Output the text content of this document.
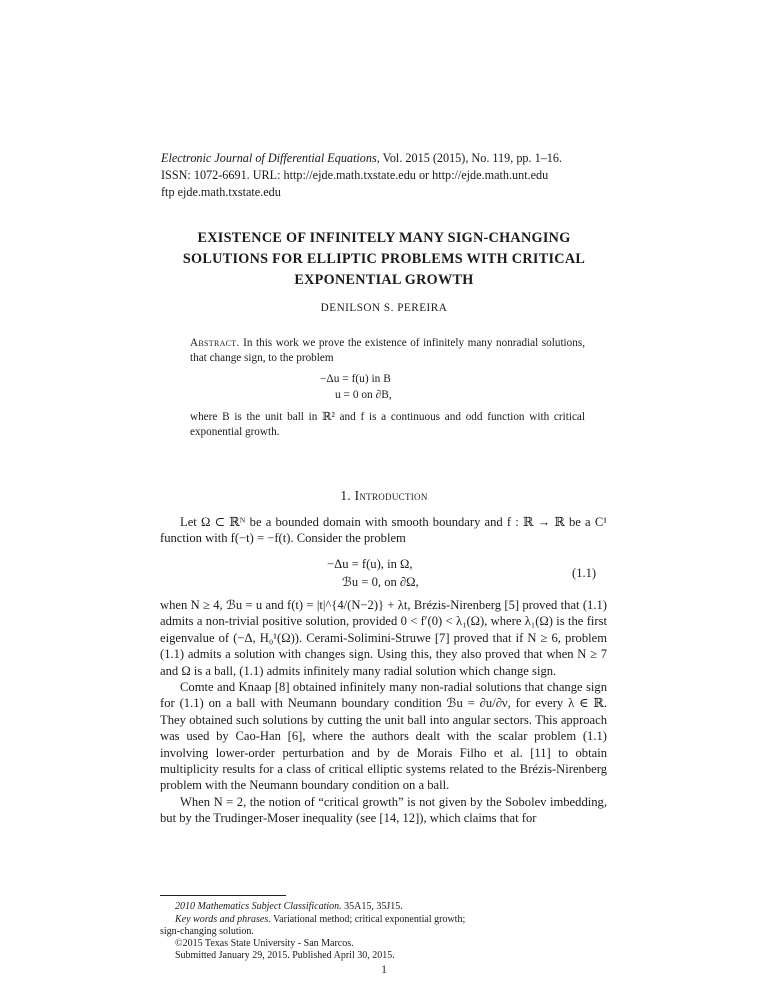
Electronic Journal of Differential Equations, Vol. 2015 (2015), No. 119, pp. 1–16.
ISSN: 1072-6691. URL: http://ejde.math.txstate.edu or http://ejde.math.unt.edu
ftp ejde.math.txstate.edu
EXISTENCE OF INFINITELY MANY SIGN-CHANGING
SOLUTIONS FOR ELLIPTIC PROBLEMS WITH CRITICAL
EXPONENTIAL GROWTH
DENILSON S. PEREIRA
Abstract. In this work we prove the existence of infinitely many nonradial solutions, that change sign, to the problem
−Δu = f(u) in B
u = 0 on ∂B,
where B is the unit ball in ℝ² and f is a continuous and odd function with critical exponential growth.
1. Introduction

Let Ω ⊂ ℝᴺ be a bounded domain with smooth boundary and f : ℝ → ℝ be a C¹ function with f(−t) = −f(t). Consider the problem

−Δu = f(u), in Ω,
ℬu = 0, on ∂Ω,
(1.1)

when N ≥ 4, ℬu = u and f(t) = |t|^{4/(N−2)} + λt, Brézis-Nirenberg [5] proved that (1.1) admits a non-trivial positive solution, provided 0 < f′(0) < λ₁(Ω), where λ₁(Ω) is the first eigenvalue of (−Δ, H₀¹(Ω)). Cerami-Solimini-Struwe [7] proved that if N ≥ 6, problem (1.1) admits a solution with changes sign. Using this, they also proved that when N ≥ 7 and Ω is a ball, (1.1) admits infinitely many radial solution which change sign.

Comte and Knaap [8] obtained infinitely many non-radial solutions that change sign for (1.1) on a ball with Neumann boundary condition ℬu = ∂u/∂ν, for every λ ∈ ℝ. They obtained such solutions by cutting the unit ball into angular sectors. This approach was used by Cao-Han [6], where the authors dealt with the scalar problem (1.1) involving lower-order perturbation and by de Morais Filho et al. [11] to obtain multiplicity results for a class of critical elliptic systems related to the Brézis-Nirenberg problem with the Neumann boundary condition on a ball.

When N = 2, the notion of “critical growth” is not given by the Sobolev imbedding, but by the Trudinger-Moser inequality (see [14, 12]), which claims that for

2010 Mathematics Subject Classification. 35A15, 35J15.
Key words and phrases. Variational method; critical exponential growth;
sign-changing solution.
©2015 Texas State University - San Marcos.
Submitted January 29, 2015. Published April 30, 2015.
1
